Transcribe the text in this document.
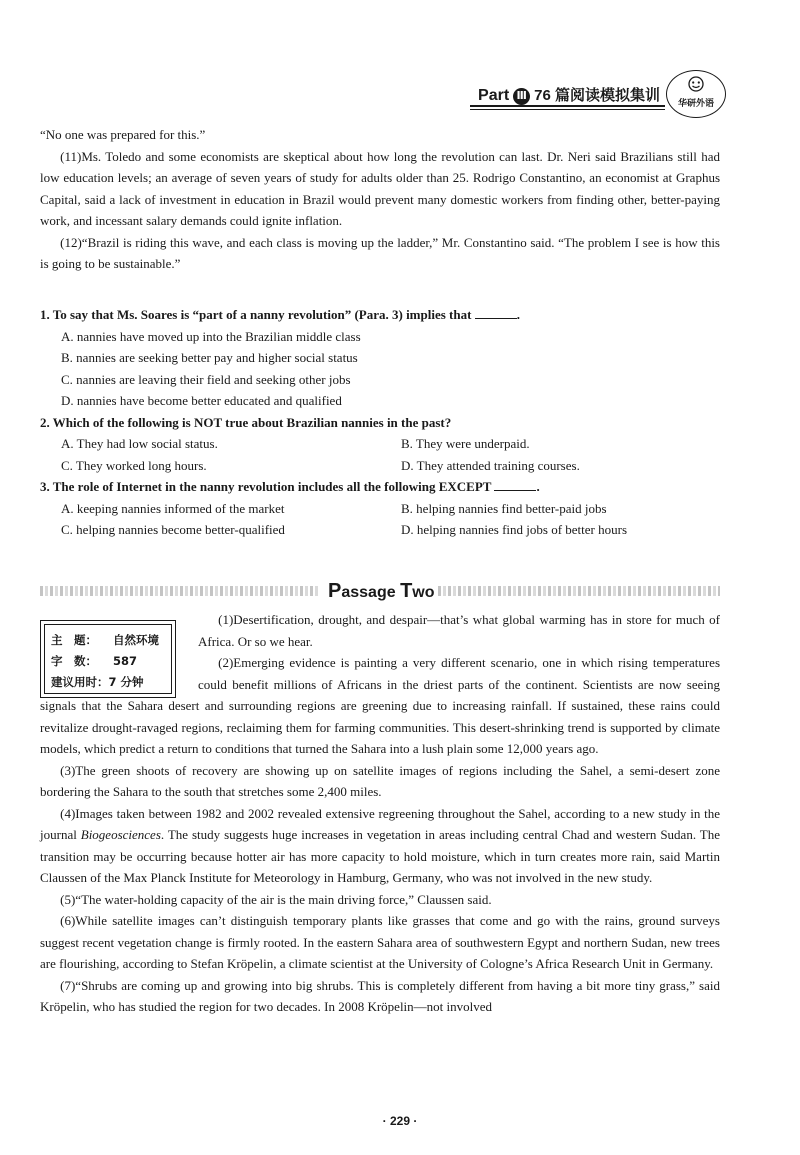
Part Ⅲ 76 篇阅读模拟集训	华研外语

“No one was prepared for this.”

(11)Ms. Toledo and some economists are skeptical about how long the revolution can last. Dr. Neri said Brazilians still had low education levels; an average of seven years of study for adults older than 25. Rodrigo Constantino, an economist at Graphus Capital, said a lack of investment in education in Brazil would prevent many domestic workers from finding other, better-paying work, and incessant salary demands could ignite inflation.

(12)“Brazil is riding this wave, and each class is moving up the ladder,” Mr. Constantino said. “The problem I see is how this is going to be sustainable.”

1. To say that Ms. Soares is “part of a nanny revolution” (Para. 3) implies that	.

A. nannies have moved up into the Brazilian middle class

B. nannies are seeking better pay and higher social status

C. nannies are leaving their field and seeking other jobs

D. nannies have become better educated and qualified

2. Which of the following is NOT true about Brazilian nannies in the past?

A. They had low social status.	B. They were underpaid.
C. They worked long hours.	D. They attended training courses.

3. The role of Internet in the nanny revolution includes all the following EXCEPT	.

A. keeping nannies informed of the market	B. helping nannies find better-paid jobs
C. helping nannies become better-qualified	D. helping nannies find jobs of better hours
Passage Two
主　题： 自然环境
字　数： 587
建议用时：7 分钟

(1)Desertification, drought, and despair—that’s what global warming has in store for much of Africa. Or so we hear.

(2)Emerging evidence is painting a very different scenario, one in which rising temperatures could benefit millions of Africans in the driest parts of the continent. Scientists are now seeing signals that the Sahara desert and surrounding regions are greening due to increasing rainfall. If sustained, these rains could revitalize drought-ravaged regions, reclaiming them for farming communities. This desert-shrinking trend is supported by climate models, which predict a return to conditions that turned the Sahara into a lush plain some 12,000 years ago.

(3)The green shoots of recovery are showing up on satellite images of regions including the Sahel, a semi-desert zone bordering the Sahara to the south that stretches some 2,400 miles.

(4)Images taken between 1982 and 2002 revealed extensive regreening throughout the Sahel, according to a new study in the journal Biogeosciences. The study suggests huge increases in vegetation in areas including central Chad and western Sudan. The transition may be occurring because hotter air has more capacity to hold moisture, which in turn creates more rain, said Martin Claussen of the Max Planck Institute for Meteorology in Hamburg, Germany, who was not involved in the new study.

(5)“The water-holding capacity of the air is the main driving force,” Claussen said.

(6)While satellite images can’t distinguish temporary plants like grasses that come and go with the rains, ground surveys suggest recent vegetation change is firmly rooted. In the eastern Sahara area of southwestern Egypt and northern Sudan, new trees are flourishing, according to Stefan Kröpelin, a climate scientist at the University of Cologne’s Africa Research Unit in Germany.

(7)“Shrubs are coming up and growing into big shrubs. This is completely different from having a bit more tiny grass,” said Kröpelin, who has studied the region for two decades. In 2008 Kröpelin—not involved

· 229 ·
